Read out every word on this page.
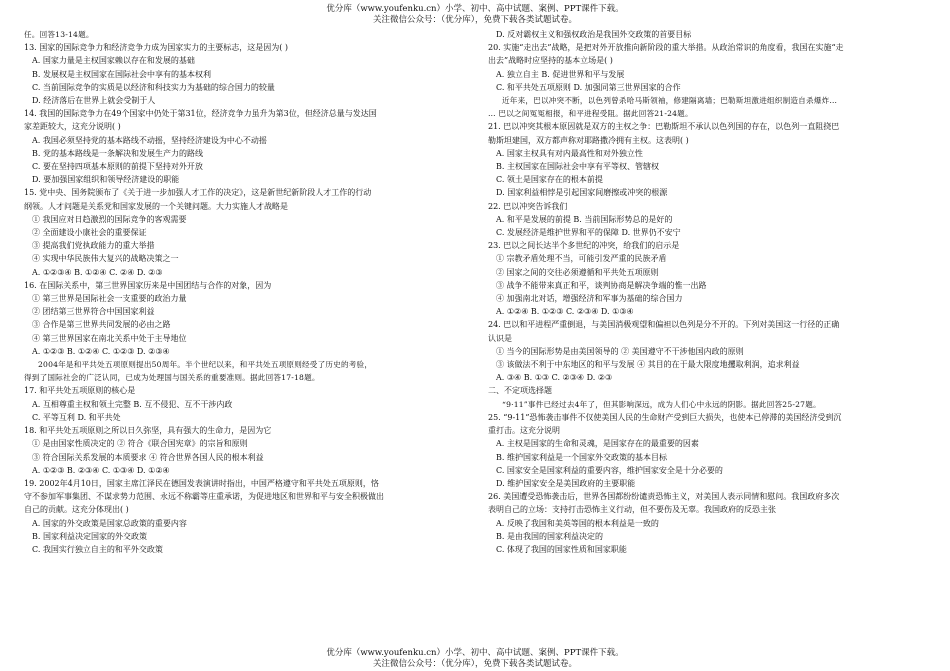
优分库（www.youfenku.cn）小学、初中、高中试题、案例、PPT课件下载。
关注微信公众号：（优分库），免费下载各类试题试卷。
任。回答13-14题。
13. 国家的国际竞争力和经济竞争力成为国家实力的主要标志，这是因为( )
A. 国家力量是主权国家赖以存在和发展的基础
B. 发展权是主权国家在国际社会中享有的基本权利
C. 当前国际竞争的实质是以经济和科技实力为基础的综合国力的较量
D. 经济落后在世界上就会受制于人
14. 我国的国际竞争力在49个国家中仍处于第31位，经济竞争力虽升为第3位，但经济总量与发达国
家差距较大，这充分说明( )
A. 我国必须坚持党的基本路线不动摇，坚持经济建设为中心不动摇
B. 党的基本路线是一条解决和发展生产力的路线
C. 要在坚持四项基本原则的前提下坚持对外开放
D. 要加强国家组织和领导经济建设的职能
15. 党中央、国务院颁布了《关于进一步加强人才工作的决定》，这是新世纪新阶段人才工作的行动
纲领。人才问题是关系党和国家发展的一个关键问题。大力实施人才战略是
① 我国应对日趋激烈的国际竞争的客观需要
② 全面建设小康社会的重要保证
③ 提高我们党执政能力的重大举措
④ 实现中华民族伟大复兴的战略决策之一
A. ①②③④ B. ①②④ C. ②④ D. ②③
16. 在国际关系中，第三世界国家历来是中国团结与合作的对象，因为
① 第三世界是国际社会一支重要的政治力量
② 团结第三世界符合中国国家利益
③ 合作是第三世界共同发展的必由之路
④ 第三世界国家在南北关系中处于主导地位
A. ①②③ B. ①②④ C. ①②③ D. ②③④
2004年是和平共处五项原则提出50周年。半个世纪以来，和平共处五项原则经受了历史的考验，
得到了国际社会的广泛认同，已成为处理国与国关系的重要准则。据此回答17-18题。
17. 和平共处五项原则的核心是
A. 互相尊重主权和领土完整 B. 互不侵犯、互不干涉内政
C. 平等互利 D. 和平共处
18. 和平共处五项原则之所以日久弥坚，具有强大的生命力，是因为它
① 是由国家性质决定的 ② 符合《联合国宪章》的宗旨和原则
③ 符合国际关系发展的本质要求 ④ 符合世界各国人民的根本利益
A. ①②③ B. ②③④ C. ①③④ D. ①②④
19. 2002年4月10日，国家主席江泽民在德国发表演讲时指出，中国严格遵守和平共处五项原则，恪
守不参加军事集团、不谋求势力范围、永远不称霸等庄重承诺，为促进地区和世界和平与安全积极做出
自己的贡献。这充分体现出( )
A. 国家的外交政策是国家总政策的重要内容
B. 国家利益决定国家的外交政策
C. 我国实行独立自主的和平外交政策
D. 反对霸权主义和强权政治是我国外交政策的首要目标
20. 实施“走出去”战略，是把对外开放推向新阶段的重大举措。从政治常识的角度看，我国在实施“走
出去”战略时应坚持的基本立场是( )
A. 独立自主 B. 促进世界和平与发展
C. 和平共处五项原则 D. 加强同第三世界国家的合作
近年来，巴以冲突不断，以色列曾杀哈马斯领袖，修建隔离墙；巴勒斯坦激进组织制造自杀爆炸…
… 巴以之间冤冤相报，和平进程受阻。据此回答21-24题。
21. 巴以冲突其根本原因就是双方的主权之争：巴勒斯坦不承认以色列国的存在，以色列一直阻挠巴
勒斯坦建国，双方都声称对耶路撒冷拥有主权。这表明( )
A. 国家主权具有对内最高性和对外独立性
B. 主权国家在国际社会中享有平等权、管辖权
C. 领土是国家存在的根本前提
D. 国家利益相悖是引起国家间磨擦或冲突的根源
22. 巴以冲突告诉我们
A. 和平是发展的前提 B. 当前国际形势总的是好的
C. 发展经济是维护世界和平的保障 D. 世界仍不安宁
23. 巴以之间长达半个多世纪的冲突，给我们的启示是
① 宗教矛盾处理不当，可能引发严重的民族矛盾
② 国家之间的交往必须遵循和平共处五项原则
③ 战争不能带来真正和平，谈判协商是解决争端的惟一出路
④ 加强南北对话，增强经济和军事为基础的综合国力
A. ①②④ B. ①②③ C. ②③④ D. ①③④
24. 巴以和平进程严重倒退，与美国消极观望和偏袒以色列是分不开的。下列对美国这一行径的正确
认识是
① 当今的国际形势是由美国领导的 ② 美国遵守不干涉他国内政的原则
③ 该做法不利于中东地区的和平与发展 ④ 其目的在于最大限度地攫取利润，追求利益
A. ③④ B. ①③ C. ②③④ D. ②③
二、不定项选择题
“9·11”事件已经过去4年了，但其影响深远，成为人们心中永远的阴影。据此回答25-27题。
25. “9-11”恐怖袭击事件不仅使美国人民的生命财产受到巨大损失，也使本已停滞的美国经济受到沉
重打击。这充分说明
A. 主权是国家的生命和灵魂，是国家存在的最重要的因素
B. 维护国家利益是一个国家外交政策的基本目标
C. 国家安全是国家利益的重要内容，维护国家安全是十分必要的
D. 维护国家安全是美国政府的主要职能
26. 美国遭受恐怖袭击后，世界各国都纷纷谴责恐怖主义，对美国人表示同情和慰问。我国政府多次
表明自己的立场：支持打击恐怖主义行动，但不要伤及无辜。我国政府的反恐主张
A. 反映了我国和美英等国的根本利益是一致的
B. 是由我国的国家利益决定的
C. 体现了我国的国家性质和国家职能
优分库（www.youfenku.cn）小学、初中、高中试题、案例、PPT课件下载。
关注微信公众号：（优分库），免费下载各类试题试卷。
